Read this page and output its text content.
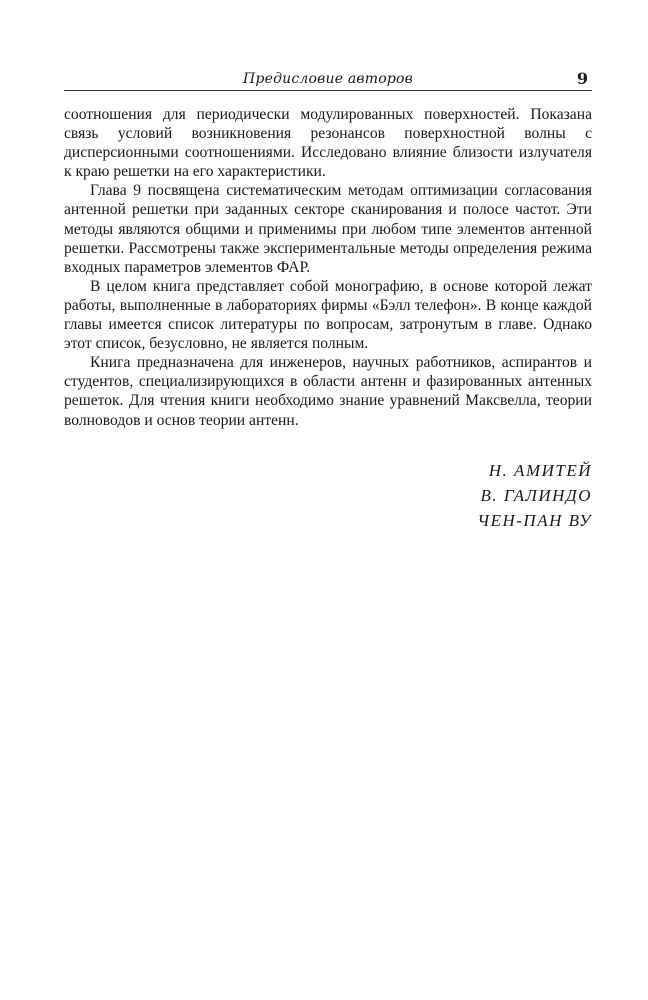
Предисловие авторов	9

соотношения для периодически модулированных поверхностей. Показана связь условий возникновения резонансов поверхностной волны с дисперсионными соотношениями. Исследовано влияние близости излучателя к краю решетки на его характеристики.

Глава 9 посвящена систематическим методам оптимизации согласования антенной решетки при заданных секторе сканирования и полосе частот. Эти методы являются общими и применимы при любом типе элементов антенной решетки. Рассмотрены также экспериментальные методы определения режима входных параметров элементов ФАР.

В целом книга представляет собой монографию, в основе которой лежат работы, выполненные в лабораториях фирмы «Бэлл телефон». В конце каждой главы имеется список литературы по вопросам, затронутым в главе. Однако этот список, безусловно, не является полным.

Книга предназначена для инженеров, научных работников, аспирантов и студентов, специализирующихся в области антенн и фазированных антенных решеток. Для чтения книги необходимо знание уравнений Максвелла, теории волноводов и основ теории антенн.

Н. АМИТЕЙ
В. ГАЛИНДО
ЧЕН-ПАН ВУ
